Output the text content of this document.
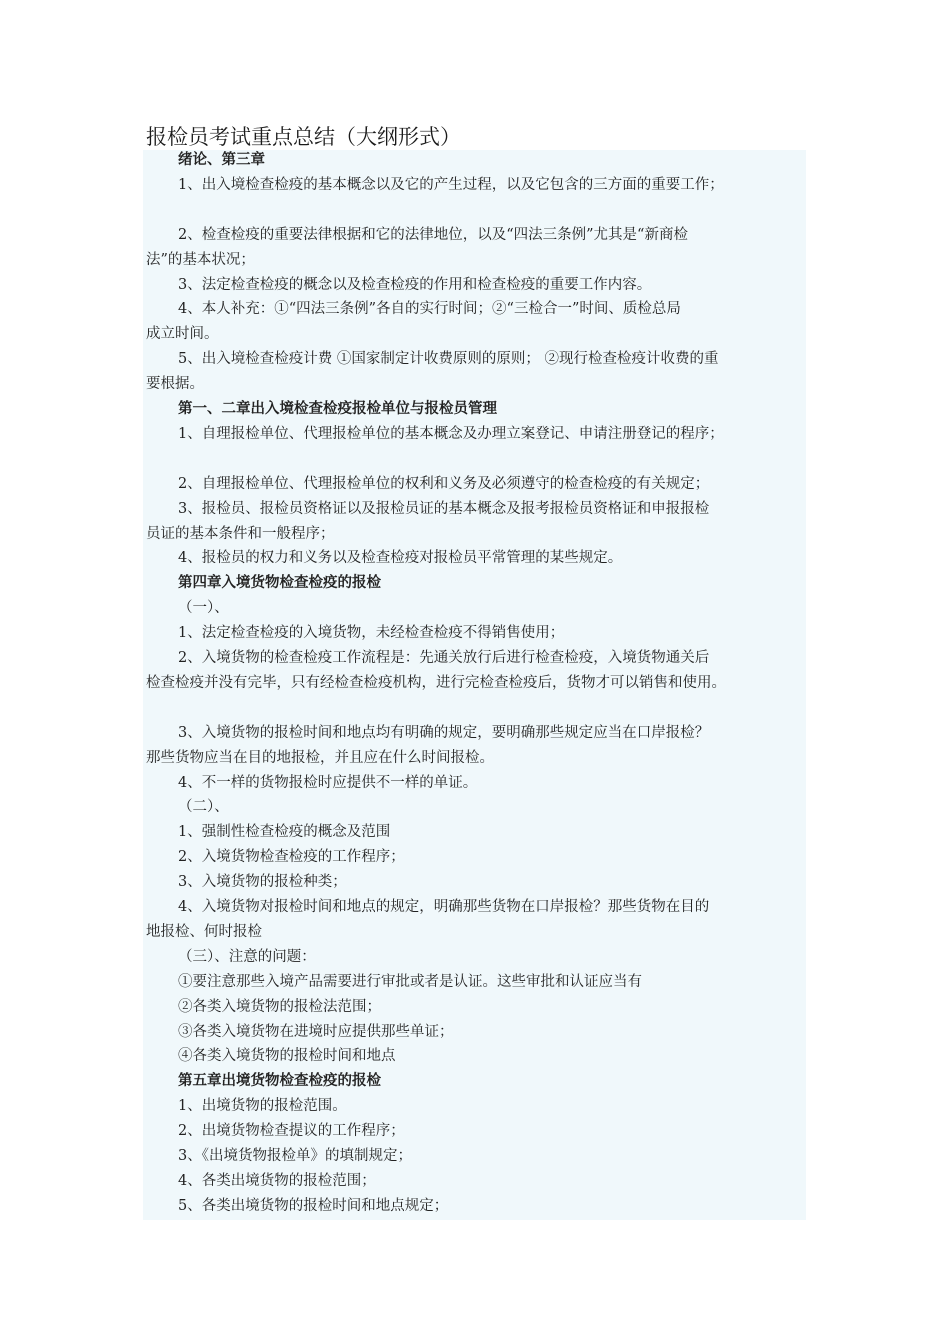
报检员考试重点总结（大纲形式）
绪论、第三章
1、出入境检查检疫的基本概念以及它的产生过程，以及它包含的三方面的重要工作；
2、检查检疫的重要法律根据和它的法律地位，以及“四法三条例”尤其是“新商检
法”的基本状况；
3、法定检查检疫的概念以及检查检疫的作用和检查检疫的重要工作内容。
4、本人补充：①“四法三条例”各自的实行时间；②“三检合一”时间、质检总局
成立时间。
5、出入境检查检疫计费 ①国家制定计收费原则的原则； ②现行检查检疫计收费的重
要根据。
第一、二章出入境检查检疫报检单位与报检员管理
1、自理报检单位、代理报检单位的基本概念及办理立案登记、申请注册登记的程序；
2、自理报检单位、代理报检单位的权利和义务及必须遵守的检查检疫的有关规定；
3、报检员、报检员资格证以及报检员证的基本概念及报考报检员资格证和申报报检
员证的基本条件和一般程序；
4、报检员的权力和义务以及检查检疫对报检员平常管理的某些规定。
第四章入境货物检查检疫的报检
（一）、
1、法定检查检疫的入境货物，未经检查检疫不得销售使用；
2、入境货物的检查检疫工作流程是：先通关放行后进行检查检疫，入境货物通关后
检查检疫并没有完毕，只有经检查检疫机构，进行完检查检疫后，货物才可以销售和使用。
3、入境货物的报检时间和地点均有明确的规定，要明确那些规定应当在口岸报检？
那些货物应当在目的地报检，并且应在什么时间报检。
4、不一样的货物报检时应提供不一样的单证。
（二）、
1、强制性检查检疫的概念及范围
2、入境货物检查检疫的工作程序；
3、入境货物的报检种类；
4、入境货物对报检时间和地点的规定，明确那些货物在口岸报检？那些货物在目的
地报检、何时报检
（三）、注意的问题：
①要注意那些入境产品需要进行审批或者是认证。这些审批和认证应当有
②各类入境货物的报检法范围；
③各类入境货物在进境时应提供那些单证；
④各类入境货物的报检时间和地点
第五章出境货物检查检疫的报检
1、出境货物的报检范围。
2、出境货物检查提议的工作程序；
3、《出境货物报检单》的填制规定；
4、各类出境货物的报检范围；
5、各类出境货物的报检时间和地点规定；
